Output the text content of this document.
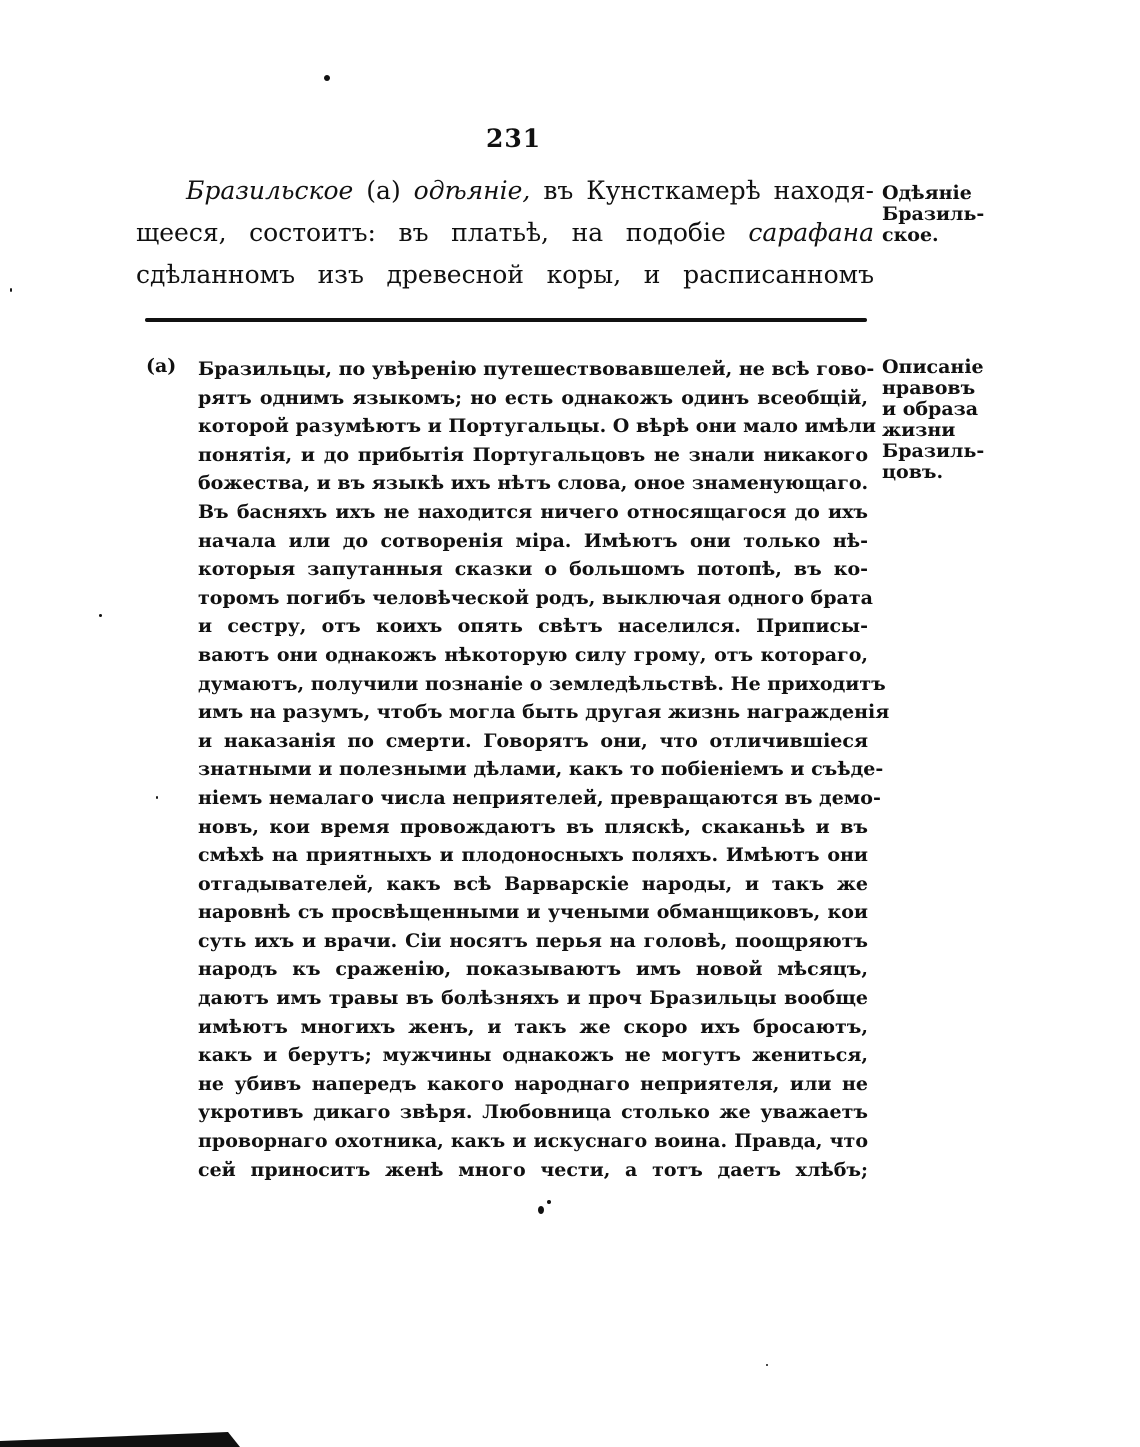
231
Бразильское (а) одѣяніе, въ Кунсткамерѣ находя-
щееся, состоитъ: въ платьѣ, на подобіе сарафана
сдѣланномъ изъ древесной коры, и расписанномъ
Одѣяніе
Бразиль-
ское.
(а) Бразильцы, по увѣренію путешествовавшелей, не всѣ гово-
рятъ однимъ языкомъ; но есть однакожъ одинъ всеобщій,
которой разумѣютъ и Португальцы. О вѣрѣ они мало имѣли
понятія, и до прибытія Португальцовъ не знали никакого
божества, и въ языкѣ ихъ нѣтъ слова, оное знаменующаго.
Въ басняхъ ихъ не находится ничего относящагося до ихъ
начала или до сотворенія міра. Имѣютъ они только нѣ-
которыя запутанныя сказки о большомъ потопѣ, въ ко-
торомъ погибъ человѣческой родъ, выключая одного брата
и сестру, отъ коихъ опять свѣтъ населился. Приписы-
ваютъ они однакожъ нѣкоторую силу грому, отъ котораго,
думаютъ, получили познаніе о земледѣльствѣ. Не приходитъ
имъ на разумъ, чтобъ могла быть другая жизнь награжденія
и наказанія по смерти. Говорятъ они, что отличившіеся
знатными и полезными дѣлами, какъ то побіеніемъ и съѣде-
ніемъ немалаго числа неприятелей, превращаются въ демо-
новъ, кои время провождаютъ въ пляскѣ, скаканьѣ и въ
смѣхѣ на приятныхъ и плодоносныхъ поляхъ. Имѣютъ они
отгадывателей, какъ всѣ Варварскіе народы, и такъ же
наровнѣ съ просвѣщенными и учеными обманщиковъ, кои
суть ихъ и врачи. Сіи носятъ перья на головѣ, поощряютъ
народъ къ сраженію, показываютъ имъ новой мѣсяцъ,
даютъ имъ травы въ болѣзняхъ и проч Бразильцы вообще
имѣютъ многихъ женъ, и такъ же скоро ихъ бросаютъ,
какъ и берутъ; мужчины однакожъ не могутъ жениться,
не убивъ напередъ какого народнаго неприятеля, или не
укротивъ дикаго звѣря. Любовница столько же уважаетъ
проворнаго охотника, какъ и искуснаго воина. Правда, что
сей приноситъ женѣ много чести, а тотъ даетъ хлѣбъ;
Описаніе
нравовъ
и образа
жизни
Бразиль-
цовъ.
